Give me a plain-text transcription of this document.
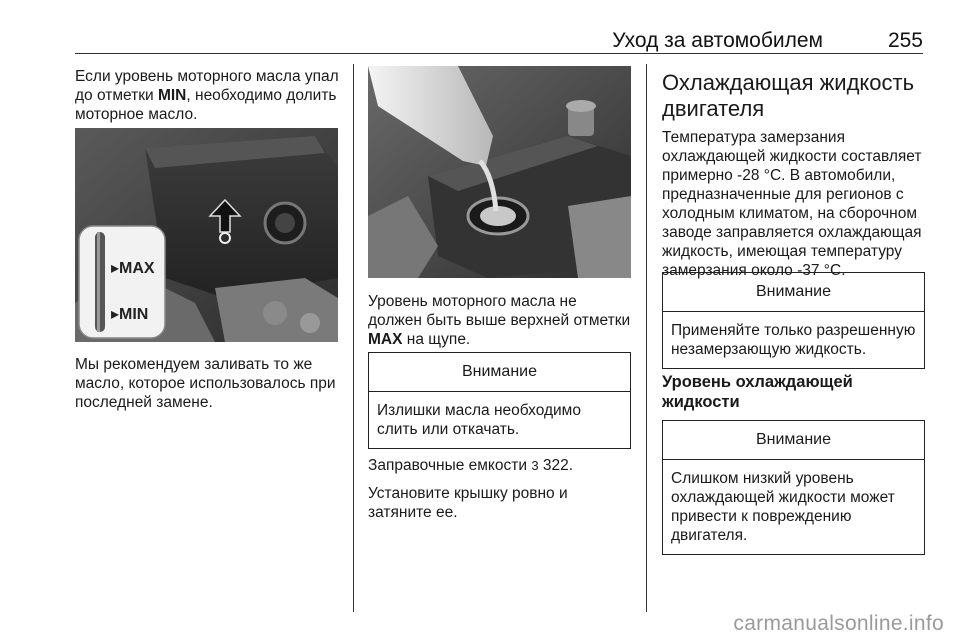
Уход за автомобилем	255

Если уровень моторного масла упал до отметки MIN, необходимо долить моторное масло.

▸MAX
▸MIN

Мы рекомендуем заливать то же масло, которое использовалось при последней замене.

Уровень моторного масла не должен быть выше верхней отметки MAX на щупе.

Внимание
Излишки масла необходимо слить или откачать.

Заправочные емкости 3 322.

Установите крышку ровно и затяните ее.

Охлаждающая жидкость двигателя

Температура замерзания охлаждающей жидкости составляет примерно -28 °C. В автомобили, предназначенные для регионов с холодным климатом, на сборочном заводе заправляется охлаждающая жидкость, имеющая температуру замерзания около -37 °C.

Внимание
Применяйте только разрешенную незамерзающую жидкость.
Уровень охлаждающей жидкости
Внимание
Слишком низкий уровень охлаждающей жидкости может привести к повреждению двигателя.
carmanualsonline.info
